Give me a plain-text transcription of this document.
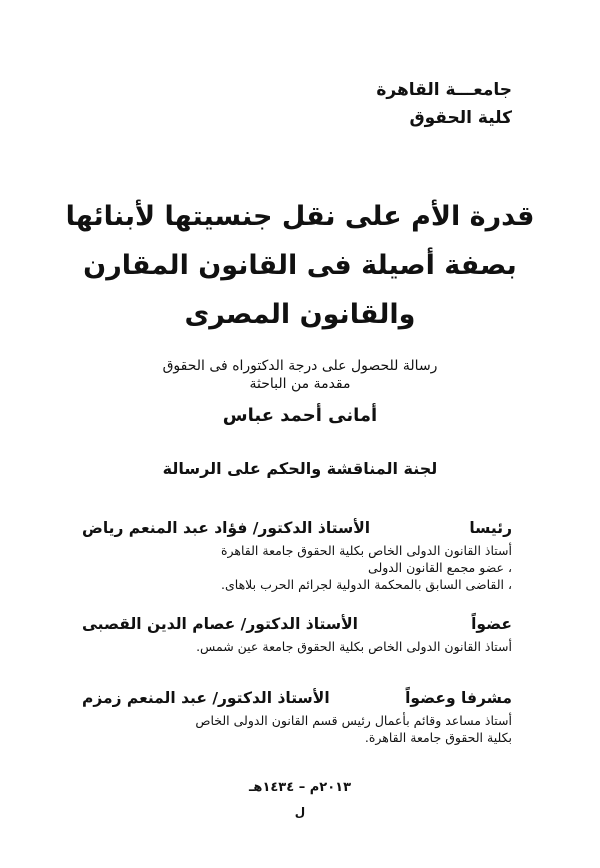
جامعـــة القاهرة
كلية الحقوق
قدرة الأم على نقل جنسيتها لأبنائها
بصفة أصيلة فى القانون المقارن
والقانون المصرى
رسالة للحصول على درجة الدكتوراه فى الحقوق
مقدمة من الباحثة
أمانى أحمد عباس
لجنة المناقشة والحكم على الرسالة
الأستاذ الدكتور/ فؤاد عبد المنعم رياض	رئيسا
أستاذ القانون الدولى الخاص بكلية الحقوق جامعة القاهرة
، عضو مجمع القانون الدولى
، القاضى السابق بالمحكمة الدولية لجرائم الحرب بلاهاى.
الأستاذ الدكتور/ عصام الدين القصبى	عضواً
أستاذ القانون الدولى الخاص بكلية الحقوق جامعة عين شمس.
الأستاذ الدكتور/ عبد المنعم زمزم	مشرفا وعضواً
أستاذ مساعد وقائم بأعمال رئيس قسم القانون الدولى الخاص
بكلية الحقوق جامعة القاهرة.
٢٠١٣م – ١٤٣٤هـ
ل
